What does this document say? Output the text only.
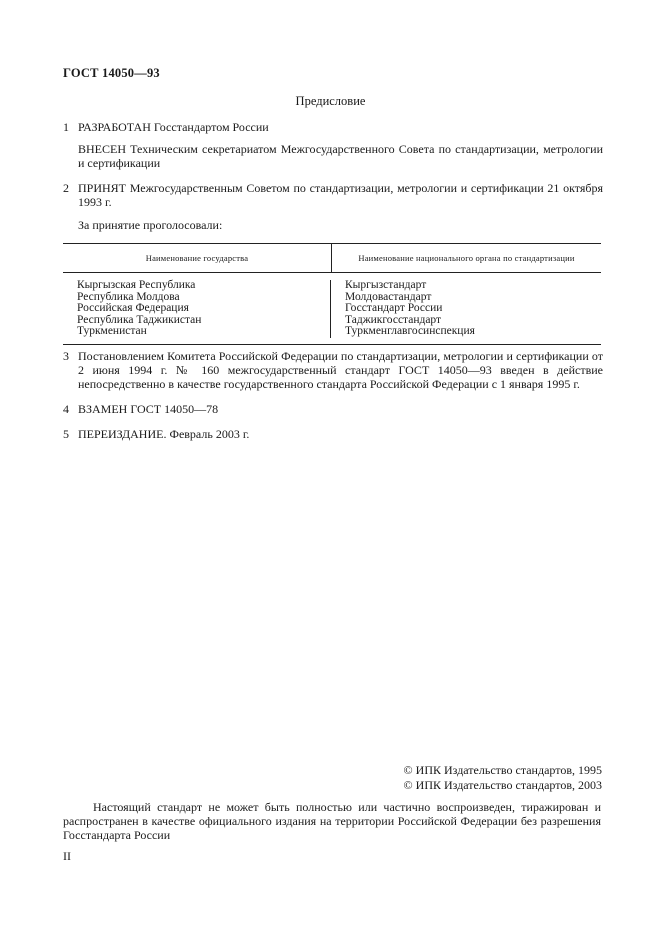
ГОСТ 14050—93
Предисловие
1 РАЗРАБОТАН Госстандартом России
ВНЕСЕН Техническим секретариатом Межгосударственного Совета по стандартизации, метрологии и сертификации
2 ПРИНЯТ Межгосударственным Советом по стандартизации, метрологии и сертификации 21 октября 1993 г.
За принятие проголосовали:
Наименование государства	Наименование национального органа по стандартизации
Кыргызская Республика
Республика Молдова
Российская Федерация
Республика Таджикистан
Туркменистан
Кыргызстандарт
Молдовастандарт
Госстандарт России
Таджикгосстандарт
Туркменглавгосинспекция
3 Постановлением Комитета Российской Федерации по стандартизации, метрологии и сертификации от 2 июня 1994 г. № 160 межгосударственный стандарт ГОСТ 14050—93 введен в действие непосредственно в качестве государственного стандарта Российской Федерации с 1 января 1995 г.
4 ВЗАМЕН ГОСТ 14050—78
5 ПЕРЕИЗДАНИЕ. Февраль 2003 г.
© ИПК Издательство стандартов, 1995
© ИПК Издательство стандартов, 2003
Настоящий стандарт не может быть полностью или частично воспроизведен, тиражирован и распространен в качестве официального издания на территории Российской Федерации без разрешения Госстандарта России
II
